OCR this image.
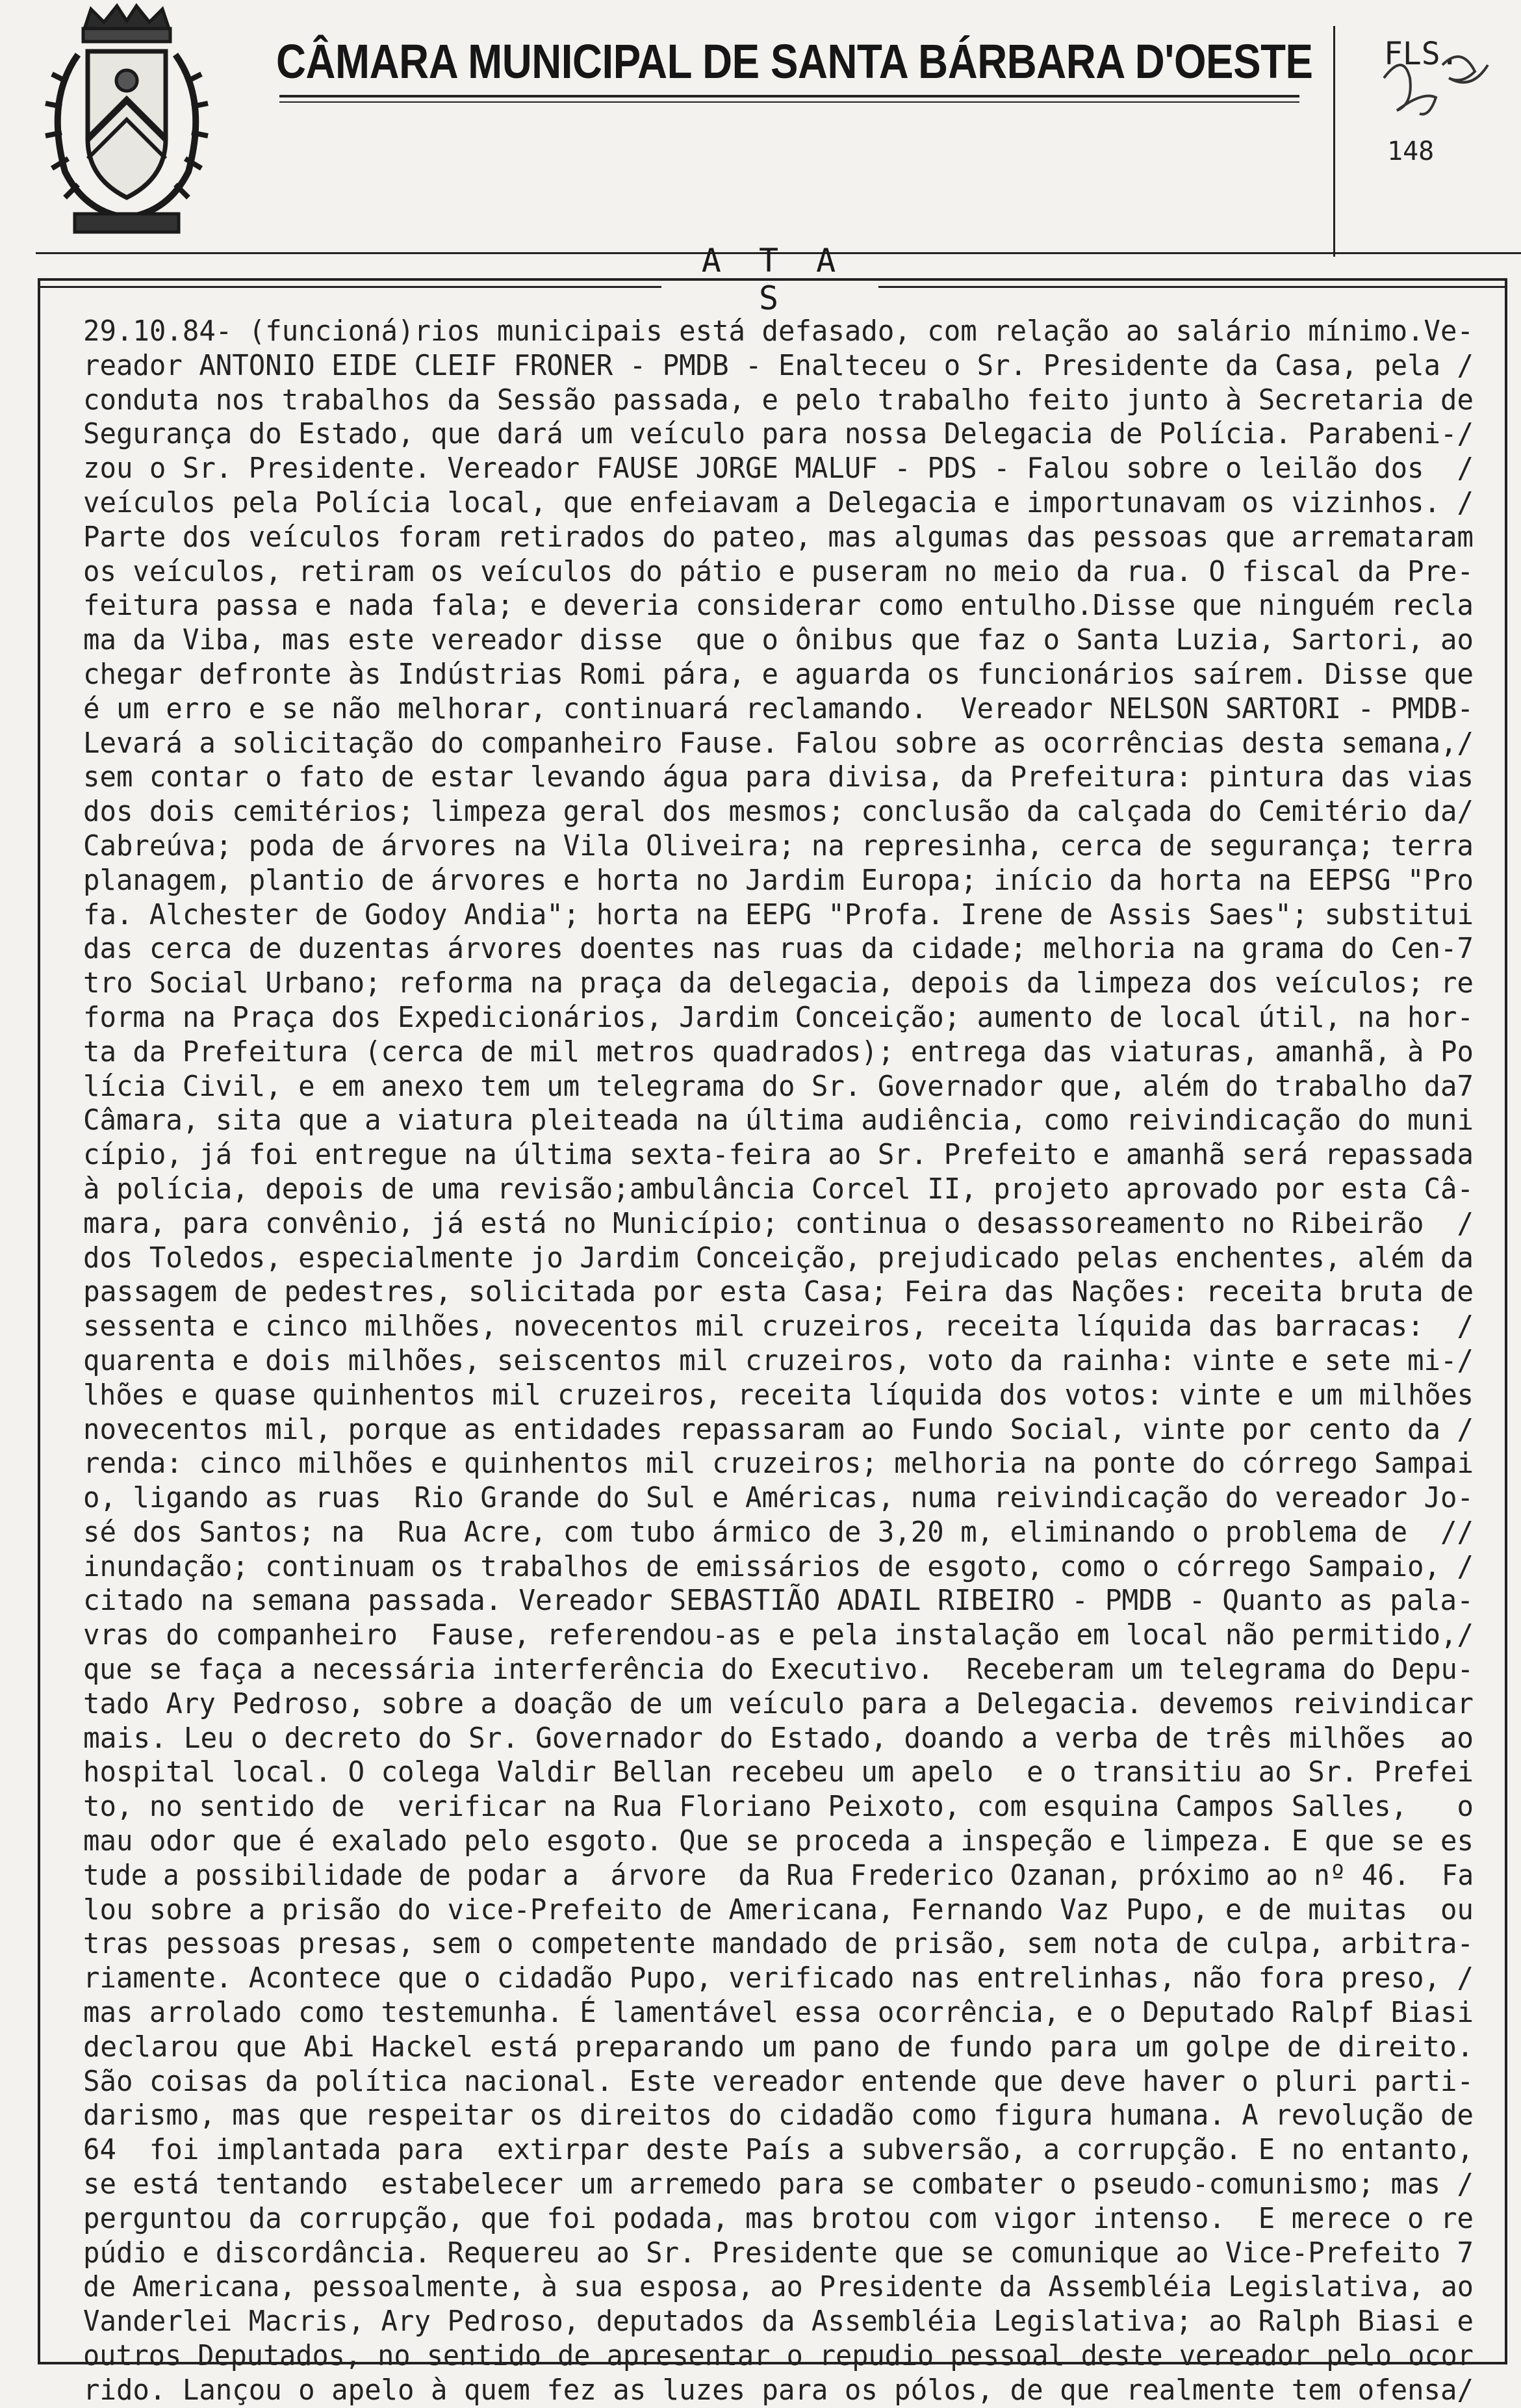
CÂMARA MUNICIPAL DE SANTA BÁRBARA D'OESTE FLS.
148
A T A S
29.10.84- (funcioná)rios municipais está defasado, com relação ao salário mínimo.Ve-
reador ANTONIO EIDE CLEIF FRONER - PMDB - Enalteceu o Sr. Presidente da Casa, pela /
conduta nos trabalhos da Sessão passada, e pelo trabalho feito junto à Secretaria de
Segurança do Estado, que dará um veículo para nossa Delegacia de Polícia. Parabeni-/
zou o Sr. Presidente. Vereador FAUSE JORGE MALUF - PDS - Falou sobre o leilão dos  /
veículos pela Polícia local, que enfeiavam a Delegacia e importunavam os vizinhos. /
Parte dos veículos foram retirados do pateo, mas algumas das pessoas que arremataram
os veículos, retiram os veículos do pátio e puseram no meio da rua. O fiscal da Pre-
feitura passa e nada fala; e deveria considerar como entulho.Disse que ninguém recla
ma da Viba, mas este vereador disse  que o ônibus que faz o Santa Luzia, Sartori, ao
chegar defronte às Indústrias Romi pára, e aguarda os funcionários saírem. Disse que
é um erro e se não melhorar, continuará reclamando.  Vereador NELSON SARTORI - PMDB-
Levará a solicitação do companheiro Fause. Falou sobre as ocorrências desta semana,/
sem contar o fato de estar levando água para divisa, da Prefeitura: pintura das vias
dos dois cemitérios; limpeza geral dos mesmos; conclusão da calçada do Cemitério da/
Cabreúva; poda de árvores na Vila Oliveira; na represinha, cerca de segurança; terra
planagem, plantio de árvores e horta no Jardim Europa; início da horta na EEPSG "Pro
fa. Alchester de Godoy Andia"; horta na EEPG "Profa. Irene de Assis Saes"; substitui
das cerca de duzentas árvores doentes nas ruas da cidade; melhoria na grama do Cen-7
tro Social Urbano; reforma na praça da delegacia, depois da limpeza dos veículos; re
forma na Praça dos Expedicionários, Jardim Conceição; aumento de local útil, na hor-
ta da Prefeitura (cerca de mil metros quadrados); entrega das viaturas, amanhã, à Po
lícia Civil, e em anexo tem um telegrama do Sr. Governador que, além do trabalho da7
Câmara, sita que a viatura pleiteada na última audiência, como reivindicação do muni
cípio, já foi entregue na última sexta-feira ao Sr. Prefeito e amanhã será repassada
à polícia, depois de uma revisão;ambulância Corcel II, projeto aprovado por esta Câ-
mara, para convênio, já está no Município; continua o desassoreamento no Ribeirão  /
dos Toledos, especialmente jo Jardim Conceição, prejudicado pelas enchentes, além da
passagem de pedestres, solicitada por esta Casa; Feira das Nações: receita bruta de
sessenta e cinco milhões, novecentos mil cruzeiros, receita líquida das barracas:  /
quarenta e dois milhões, seiscentos mil cruzeiros, voto da rainha: vinte e sete mi-/
lhões e quase quinhentos mil cruzeiros, receita líquida dos votos: vinte e um milhões
novecentos mil, porque as entidades repassaram ao Fundo Social, vinte por cento da /
renda: cinco milhões e quinhentos mil cruzeiros; melhoria na ponte do córrego Sampai
o, ligando as ruas  Rio Grande do Sul e Américas, numa reivindicação do vereador Jo-
sé dos Santos; na  Rua Acre, com tubo ármico de 3,20 m, eliminando o problema de  //
inundação; continuam os trabalhos de emissários de esgoto, como o córrego Sampaio, /
citado na semana passada. Vereador SEBASTIÃO ADAIL RIBEIRO - PMDB - Quanto as pala-
vras do companheiro  Fause, referendou-as e pela instalação em local não permitido,/
que se faça a necessária interferência do Executivo.  Receberam um telegrama do Depu-
tado Ary Pedroso, sobre a doação de um veículo para a Delegacia. devemos reivindicar
mais. Leu o decreto do Sr. Governador do Estado, doando a verba de três milhões  ao
hospital local. O colega Valdir Bellan recebeu um apelo  e o transitiu ao Sr. Prefei
to, no sentido de  verificar na Rua Floriano Peixoto, com esquina Campos Salles,   o
mau odor que é exalado pelo esgoto. Que se proceda a inspeção e limpeza. E que se es
tude a possibilidade de podar a  árvore  da Rua Frederico Ozanan, próximo ao nº 46.  Fa
lou sobre a prisão do vice-Prefeito de Americana, Fernando Vaz Pupo, e de muitas  ou
tras pessoas presas, sem o competente mandado de prisão, sem nota de culpa, arbitra-
riamente. Acontece que o cidadão Pupo, verificado nas entrelinhas, não fora preso, /
mas arrolado como testemunha. É lamentável essa ocorrência, e o Deputado Ralpf Biasi
declarou que Abi Hackel está preparando um pano de fundo para um golpe de direito.
São coisas da política nacional. Este vereador entende que deve haver o pluri parti-
darismo, mas que respeitar os direitos do cidadão como figura humana. A revolução de
64  foi implantada para  extirpar deste País a subversão, a corrupção. E no entanto,
se está tentando  estabelecer um arremedo para se combater o pseudo-comunismo; mas /
perguntou da corrupção, que foi podada, mas brotou com vigor intenso.  E merece o re
púdio e discordância. Requereu ao Sr. Presidente que se comunique ao Vice-Prefeito 7
de Americana, pessoalmente, à sua esposa, ao Presidente da Assembléia Legislativa, ao
Vanderlei Macris, Ary Pedroso, deputados da Assembléia Legislativa; ao Ralph Biasi e
outros Deputados, no sentido de apresentar o repudio pessoal deste vereador pelo ocor
rido. Lançou o apelo à quem fez as luzes para os pólos, de que realmente tem ofensa/
